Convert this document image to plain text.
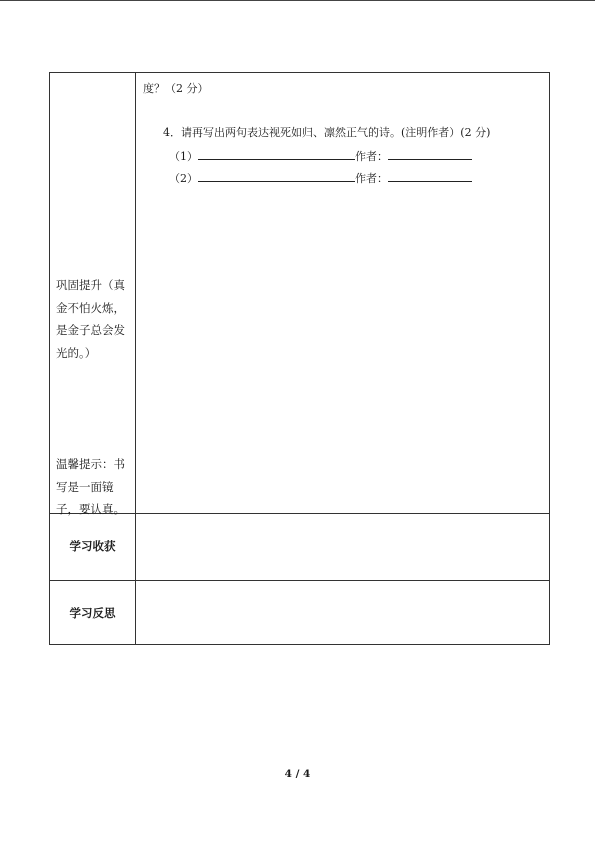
巩固提升（真金不怕火炼，是金子总会发光的。）
温馨提示：书写是一面镜子，要认真。
度？（2 分）
4．请再写出两句表达视死如归、凛然正气的诗。(注明作者）(2 分)
（1）	作者：
（2）	作者：
学习收获
学习反思
4 / 4
